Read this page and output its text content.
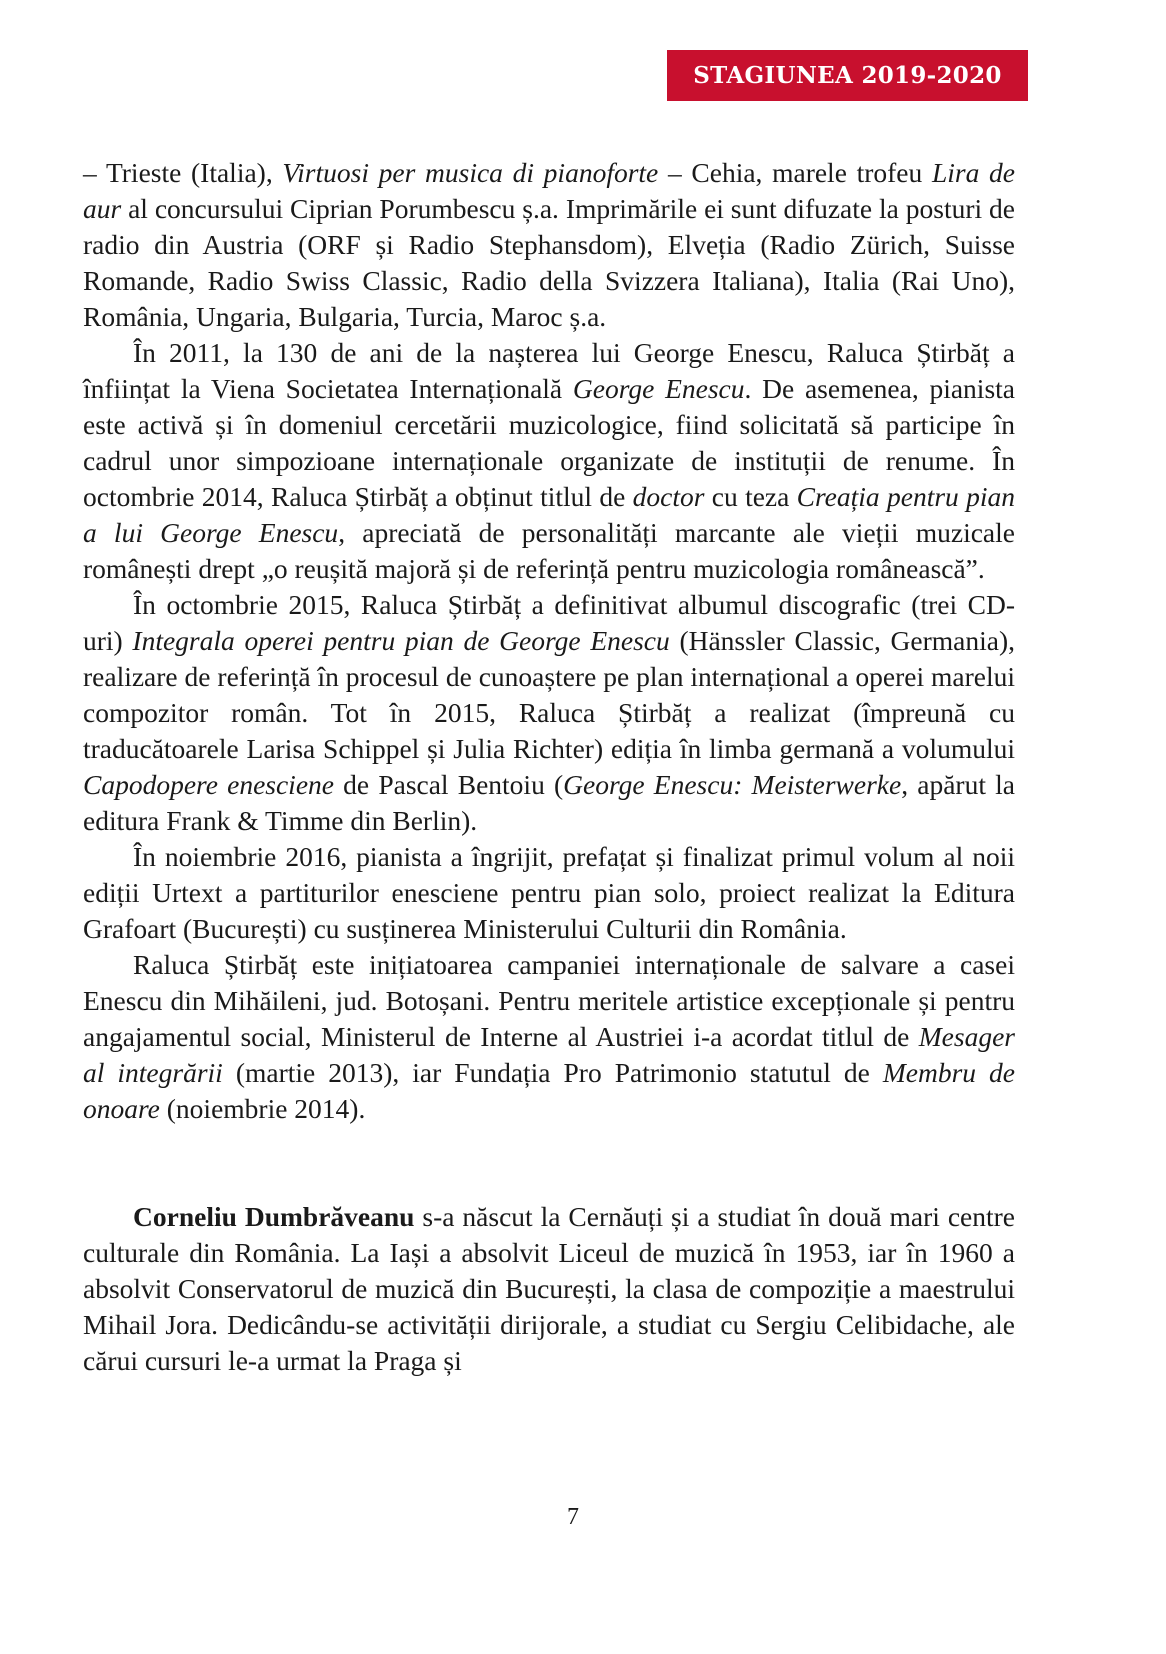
STAGIUNEA 2019-2020

– Trieste (Italia), Virtuosi per musica di pianoforte – Cehia, marele trofeu Lira de aur al concursului Ciprian Porumbescu ș.a. Imprimările ei sunt difuzate la posturi de radio din Austria (ORF și Radio Stephansdom), Elveția (Radio Zürich, Suisse Romande, Radio Swiss Classic, Radio della Svizzera Italiana), Italia (Rai Uno), România, Ungaria, Bulgaria, Turcia, Maroc ș.a.

În 2011, la 130 de ani de la nașterea lui George Enescu, Raluca Știrbăț a înființat la Viena Societatea Internațională George Enescu. De asemenea, pianista este activă și în domeniul cercetării muzicologice, fiind solicitată să participe în cadrul unor simpozioane internaționale organizate de instituții de renume. În octombrie 2014, Raluca Știrbăț a obținut titlul de doctor cu teza Creația pentru pian a lui George Enescu, apreciată de personalități marcante ale vieții muzicale românești drept „o reușită majoră și de referință pentru muzicologia românească”.

În octombrie 2015, Raluca Știrbăț a definitivat albumul discografic (trei CD-uri) Integrala operei pentru pian de George Enescu (Hänssler Classic, Germania), realizare de referință în procesul de cunoaștere pe plan internațional a operei marelui compozitor român. Tot în 2015, Raluca Știrbăț a realizat (împreună cu traducătoarele Larisa Schippel și Julia Richter) ediția în limba germană a volumului Capodopere enesciene de Pascal Bentoiu (George Enescu: Meisterwerke, apărut la editura Frank & Timme din Berlin).

În noiembrie 2016, pianista a îngrijit, prefațat și finalizat primul volum al noii ediții Urtext a partiturilor enesciene pentru pian solo, proiect realizat la Editura Grafoart (București) cu susținerea Ministerului Culturii din România.

Raluca Știrbăț este inițiatoarea campaniei internaționale de salvare a casei Enescu din Mihăileni, jud. Botoșani. Pentru meritele artistice excepționale și pentru angajamentul social, Ministerul de Interne al Austriei i-a acordat titlul de Mesager al integrării (martie 2013), iar Fundația Pro Patrimonio statutul de Membru de onoare (noiembrie 2014).

Corneliu Dumbrăveanu s-a născut la Cernăuți și a studiat în două mari centre culturale din România. La Iași a absolvit Liceul de muzică în 1953, iar în 1960 a absolvit Conservatorul de muzică din București, la clasa de compoziție a maestrului Mihail Jora. Dedicându-se activității dirijorale, a studiat cu Sergiu Celibidache, ale cărui cursuri le-a urmat la Praga și

7
